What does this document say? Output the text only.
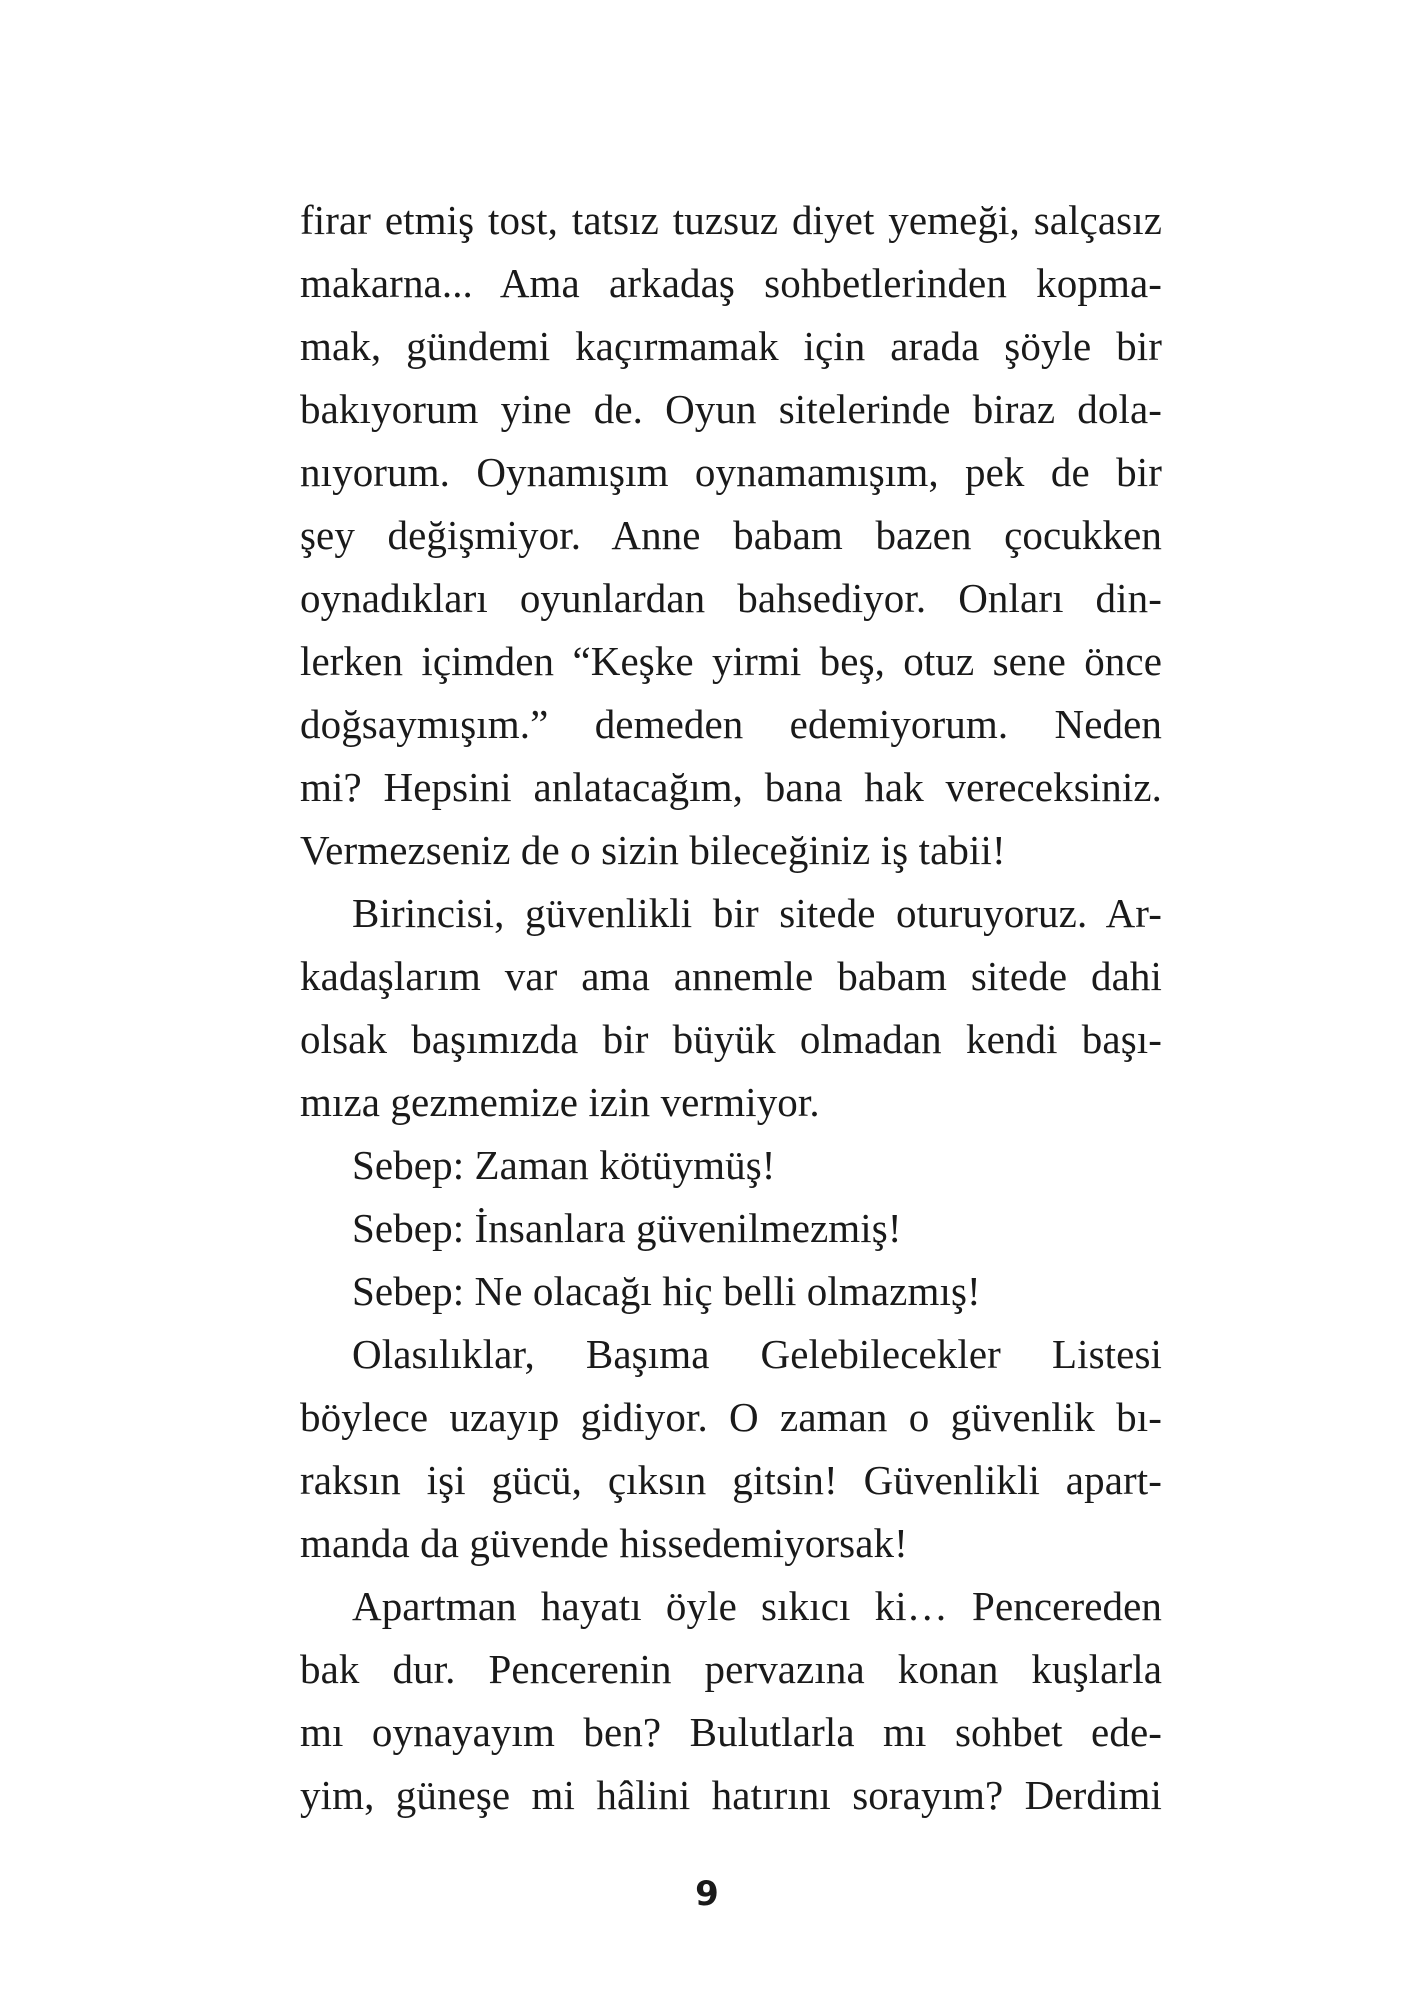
firar etmiş tost, tatsız tuzsuz diyet yemeği, salçasız
makarna... Ama arkadaş sohbetlerinden kopma-
mak, gündemi kaçırmamak için arada şöyle bir
bakıyorum yine de. Oyun sitelerinde biraz dola-
nıyorum. Oynamışım oynamamışım, pek de bir
şey değişmiyor. Anne babam bazen çocukken
oynadıkları oyunlardan bahsediyor. Onları din-
lerken içimden “Keşke yirmi beş, otuz sene önce
doğsaymışım.” demeden edemiyorum. Neden
mi? Hepsini anlatacağım, bana hak vereceksiniz.
Vermezseniz de o sizin bileceğiniz iş tabii!
Birincisi, güvenlikli bir sitede oturuyoruz. Ar-
kadaşlarım var ama annemle babam sitede dahi
olsak başımızda bir büyük olmadan kendi başı-
mıza gezmemize izin vermiyor.
Sebep: Zaman kötüymüş!
Sebep: İnsanlara güvenilmezmiş!
Sebep: Ne olacağı hiç belli olmazmış!
Olasılıklar, Başıma Gelebilecekler Listesi
böylece uzayıp gidiyor. O zaman o güvenlik bı-
raksın işi gücü, çıksın gitsin! Güvenlikli apart-
manda da güvende hissedemiyorsak!
Apartman hayatı öyle sıkıcı ki… Pencereden
bak dur. Pencerenin pervazına konan kuşlarla
mı oynayayım ben? Bulutlarla mı sohbet ede-
yim, güneşe mi hâlini hatırını sorayım? Derdimi
9
